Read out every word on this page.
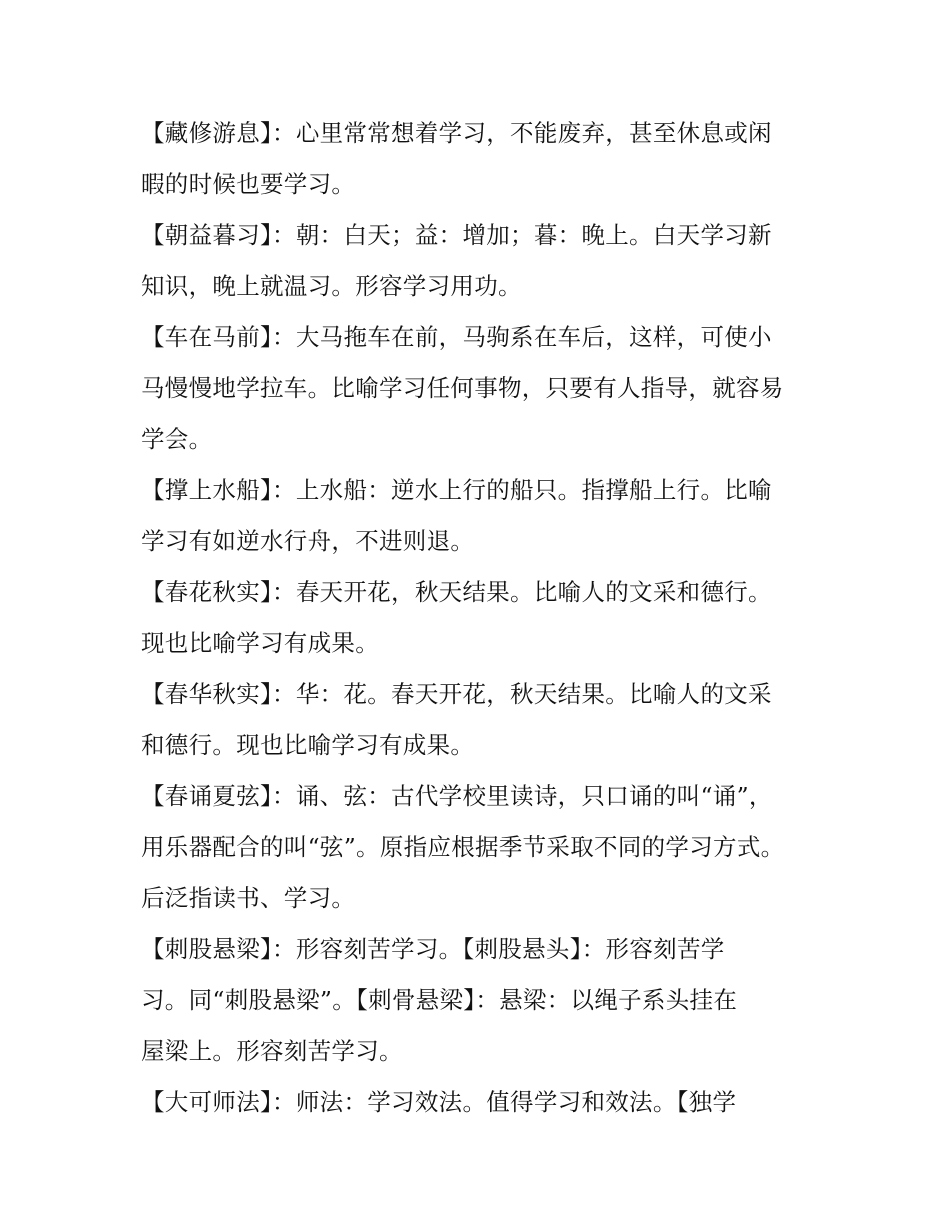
【藏修游息】：心里常常想着学习，不能废弃，甚至休息或闲
暇的时候也要学习。

【朝益暮习】：朝：白天；益：增加；暮：晚上。白天学习新
知识，晚上就温习。形容学习用功。

【车在马前】：大马拖车在前，马驹系在车后，这样，可使小
马慢慢地学拉车。比喻学习任何事物，只要有人指导，就容易
学会。

【撑上水船】：上水船：逆水上行的船只。指撑船上行。比喻
学习有如逆水行舟，不进则退。

【春花秋实】：春天开花，秋天结果。比喻人的文采和德行。
现也比喻学习有成果。

【春华秋实】：华：花。春天开花，秋天结果。比喻人的文采
和德行。现也比喻学习有成果。

【春诵夏弦】：诵、弦：古代学校里读诗，只口诵的叫“诵”，
用乐器配合的叫“弦”。原指应根据季节采取不同的学习方式。
后泛指读书、学习。

【刺股悬梁】：形容刻苦学习。【刺股悬头】：形容刻苦学
习。同“刺股悬梁”。【刺骨悬梁】：悬梁：以绳子系头挂在
屋梁上。形容刻苦学习。

【大可师法】：师法：学习效法。值得学习和效法。【独学
